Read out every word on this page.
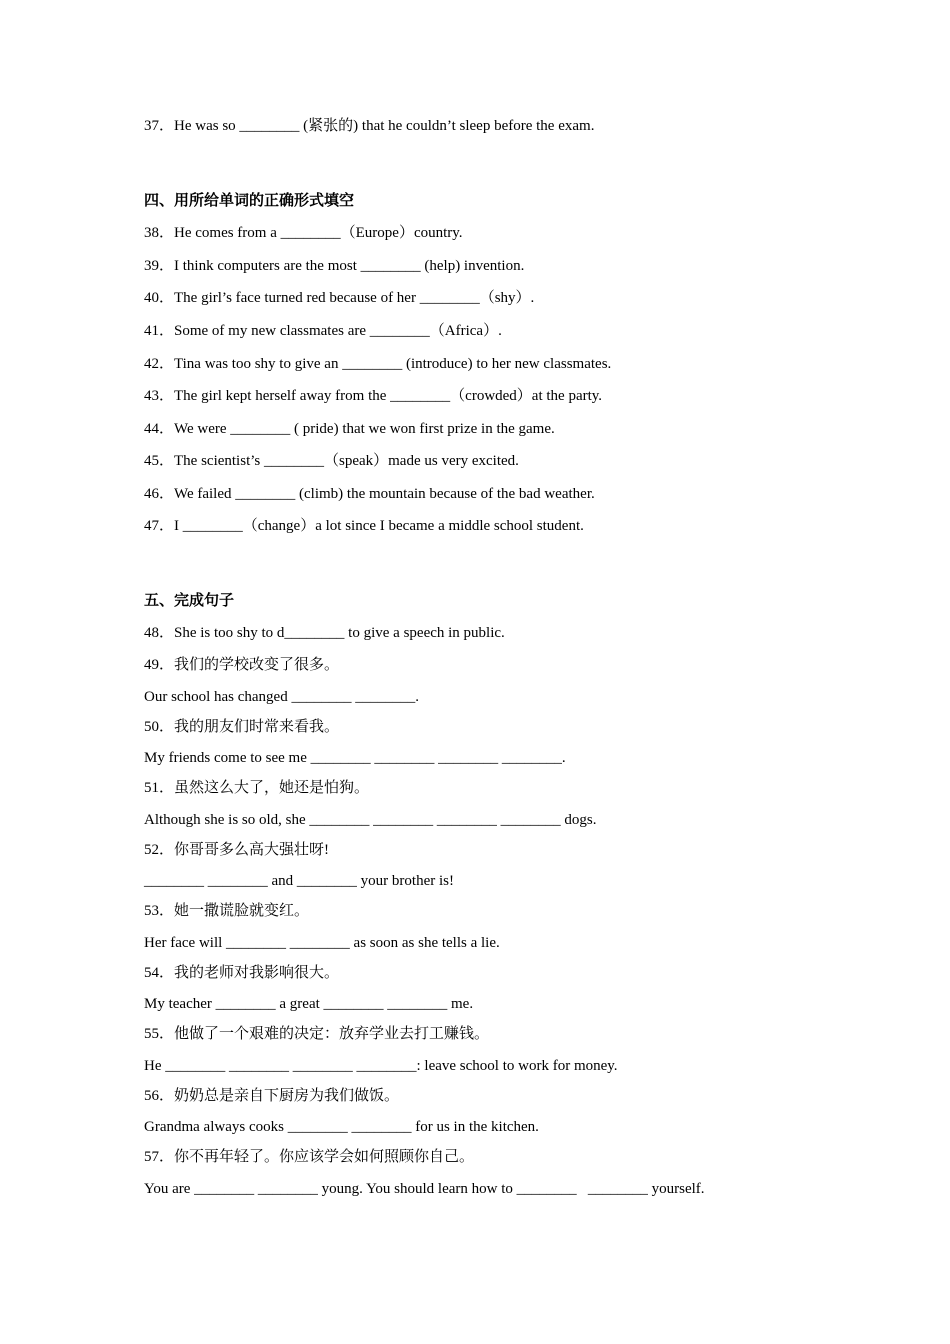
37．He was so ________ (紧张的) that he couldn’t sleep before the exam.
四、用所给单词的正确形式填空
38．He comes from a ________（Europe）country.
39．I think computers are the most ________ (help) invention.
40．The girl’s face turned red because of her ________（shy）.
41．Some of my new classmates are ________（Africa）.
42．Tina was too shy to give an ________ (introduce) to her new classmates.
43．The girl kept herself away from the ________（crowded）at the party.
44．We were ________ ( pride) that we won first prize in the game.
45．The scientist’s ________（speak）made us very excited.
46．We failed ________ (climb) the mountain because of the bad weather.
47．I ________（change）a lot since I became a middle school student.
五、完成句子
48．She is too shy to d________ to give a speech in public.
49．我们的学校改变了很多。
Our school has changed ________ ________.
50．我的朋友们时常来看我。
My friends come to see me ________ ________ ________ ________.
51．虽然这么大了，她还是怕狗。
Although she is so old, she ________ ________ ________ ________ dogs.
52．你哥哥多么高大强壮呀!
________ ________ and ________ your brother is!
53．她一撒谎脸就变红。
Her face will ________ ________ as soon as she tells a lie.
54．我的老师对我影响很大。
My teacher ________ a great ________ ________ me.
55．他做了一个艰难的决定：放弃学业去打工赚钱。
He ________ ________ ________ ________: leave school to work for money.
56．奶奶总是亲自下厨房为我们做饭。
Grandma always cooks ________ ________ for us in the kitchen.
57．你不再年轻了。你应该学会如何照顾你自己。
You are ________ ________ young. You should learn how to ________   ________ yourself.
